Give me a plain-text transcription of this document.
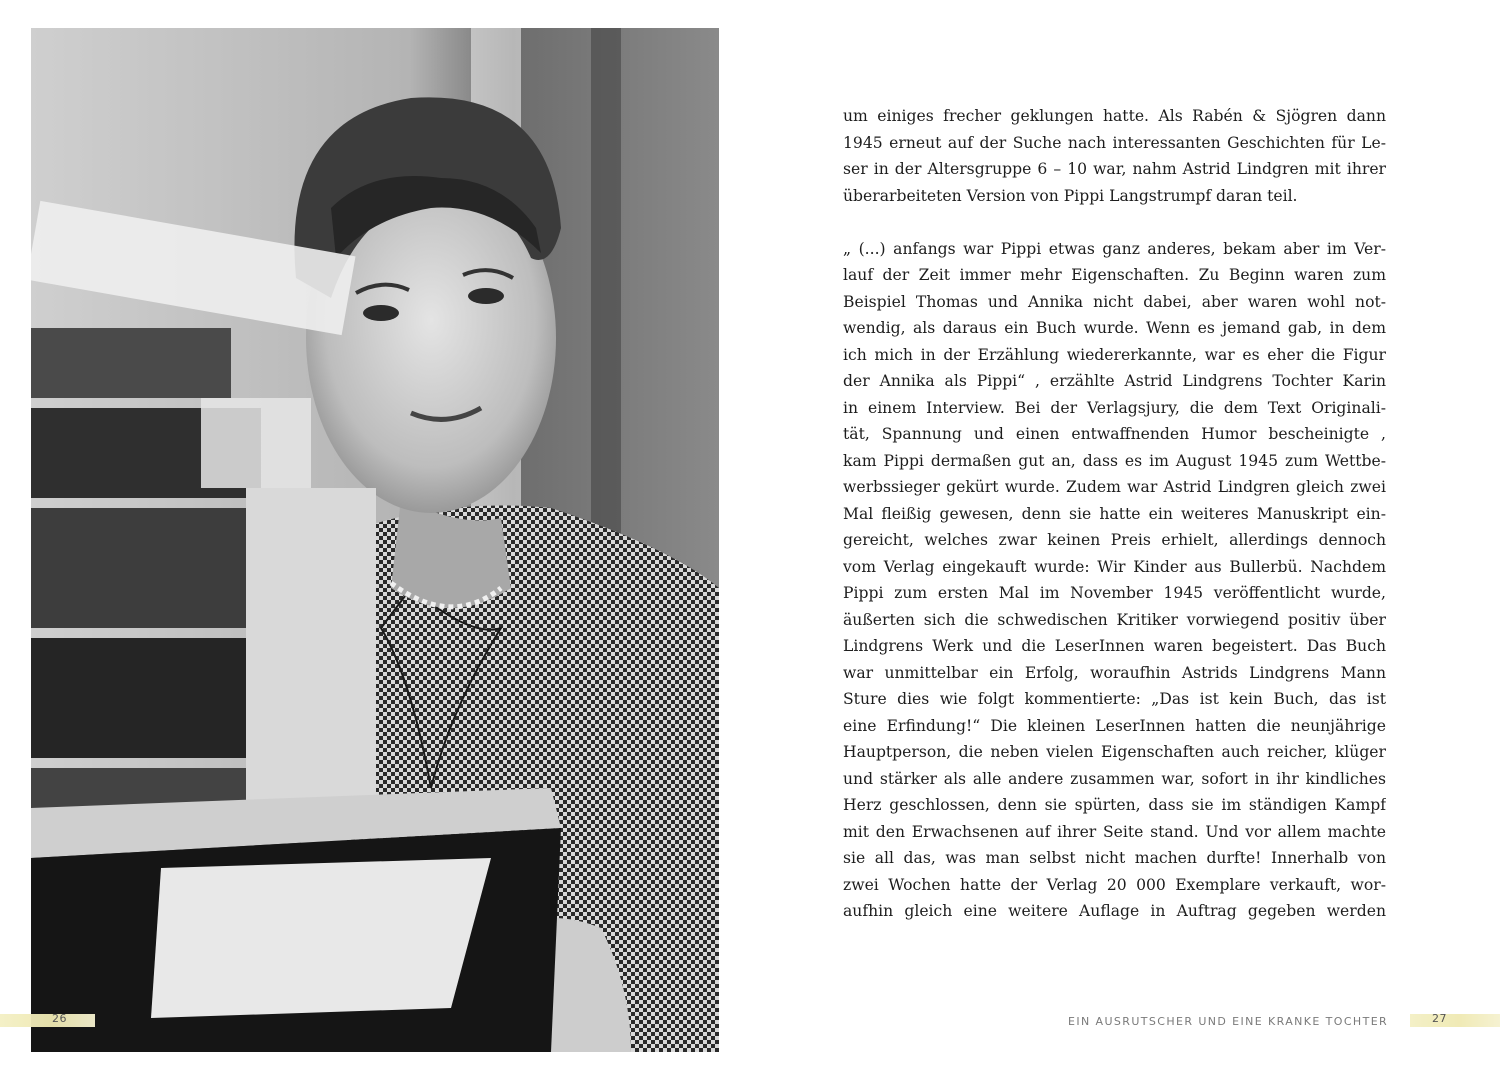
um einiges frecher geklungen hatte. Als Rabén & Sjögren dann
1945 erneut auf der Suche nach interessanten Geschichten für Le-
ser in der Altersgruppe 6 – 10 war, nahm Astrid Lindgren mit ihrer
überarbeiteten Version von Pippi Langstrumpf daran teil.
„ (...) anfangs war Pippi etwas ganz anderes, bekam aber im Ver-
lauf der Zeit immer mehr Eigenschaften. Zu Beginn waren zum
Beispiel Thomas und Annika nicht dabei, aber waren wohl not-
wendig, als daraus ein Buch wurde. Wenn es jemand gab, in dem
ich mich in der Erzählung wiedererkannte, war es eher die Figur
der Annika als Pippi“ , erzählte Astrid Lindgrens Tochter Karin
in einem Interview. Bei der Verlagsjury, die dem Text Originali-
tät, Spannung und einen entwaffnenden Humor bescheinigte ,
kam Pippi dermaßen gut an, dass es im August 1945 zum Wettbe-
werbssieger gekürt wurde. Zudem war Astrid Lindgren gleich zwei
Mal fleißig gewesen, denn sie hatte ein weiteres Manuskript ein-
gereicht, welches zwar keinen Preis erhielt, allerdings dennoch
vom Verlag eingekauft wurde: Wir Kinder aus Bullerbü. Nachdem
Pippi zum ersten Mal im November 1945 veröffentlicht wurde,
äußerten sich die schwedischen Kritiker vorwiegend positiv über
Lindgrens Werk und die LeserInnen waren begeistert. Das Buch
war unmittelbar ein Erfolg, woraufhin Astrids Lindgrens Mann
Sture dies wie folgt kommentierte: „Das ist kein Buch, das ist
eine Erfindung!“ Die kleinen LeserInnen hatten die neunjährige
Hauptperson, die neben vielen Eigenschaften auch reicher, klüger
und stärker als alle andere zusammen war, sofort in ihr kindliches
Herz geschlossen, denn sie spürten, dass sie im ständigen Kampf
mit den Erwachsenen auf ihrer Seite stand. Und vor allem machte
sie all das, was man selbst nicht machen durfte! Innerhalb von
zwei Wochen hatte der Verlag 20 000 Exemplare verkauft, wor-
aufhin gleich eine weitere Auflage in Auftrag gegeben werden
26	EIN AUSRUTSCHER UND EINE KRANKE TOCHTER	27
